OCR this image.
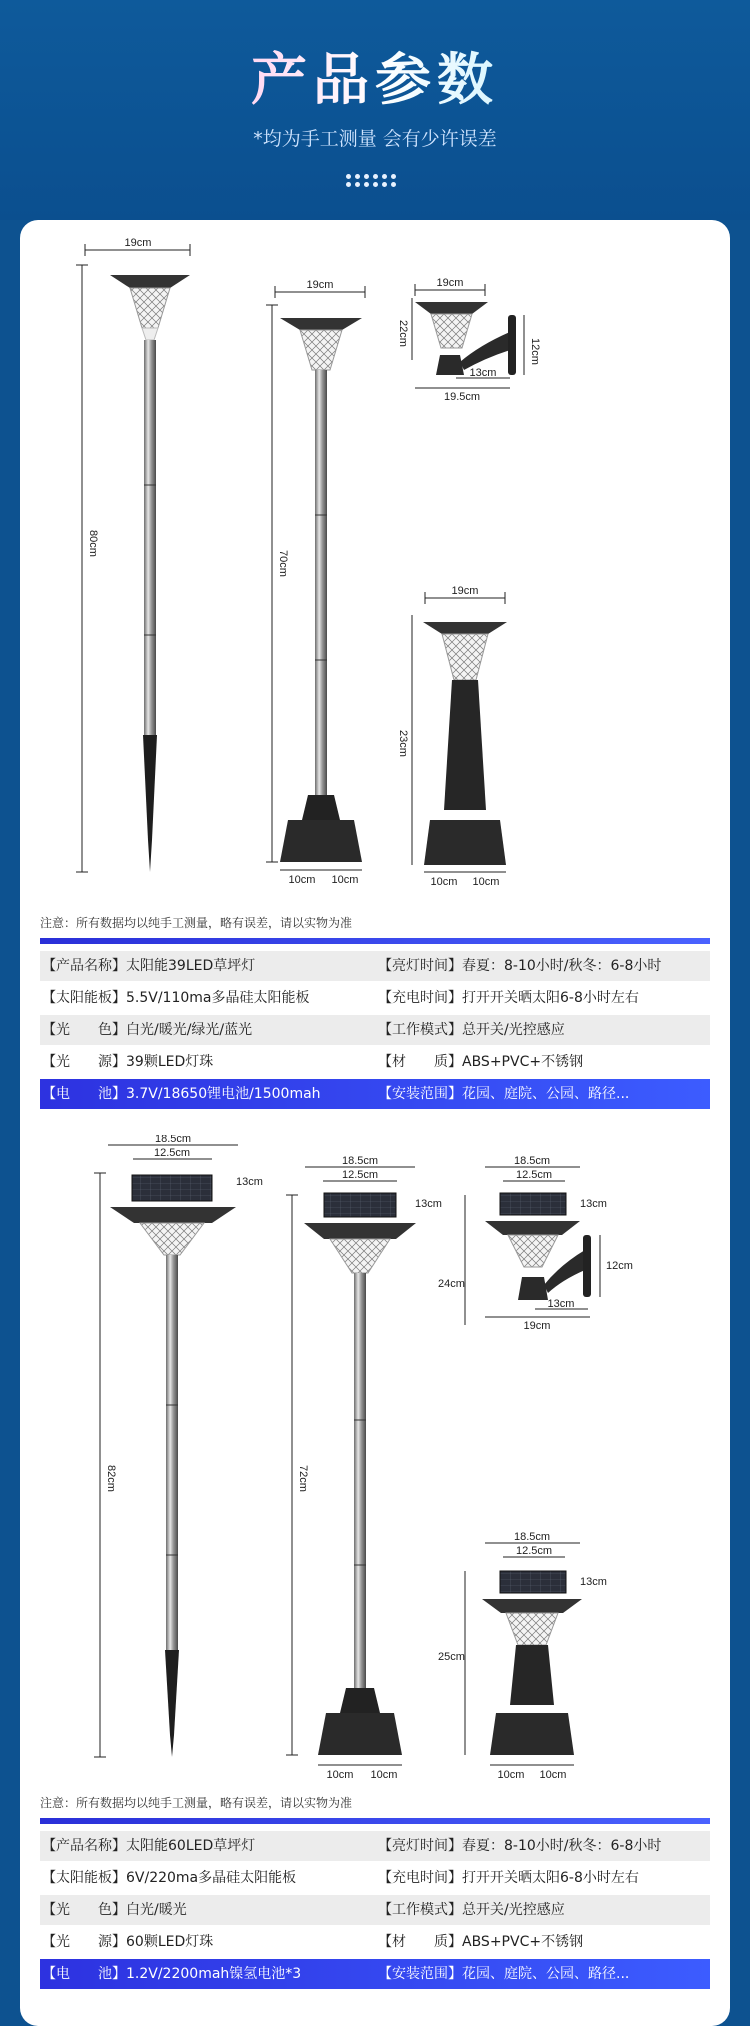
产品参数
*均为手工测量 会有少许误差
19cm
80cm
19cm
70cm
10cm 10cm
19cm
22cm
12cm
13cm
19.5cm
19cm
23cm
10cm 10cm
注意：所有数据均以纯手工测量，略有误差，请以实物为准
【产品名称】太阳能39LED草坪灯	【亮灯时间】春夏：8-10小时/秋冬：6-8小时
【太阳能板】5.5V/110ma多晶硅太阳能板	【充电时间】打开开关晒太阳6-8小时左右
【光　　色】白光/暖光/绿光/蓝光	【工作模式】总开关/光控感应
【光　　源】39颗LED灯珠	【材　　质】ABS+PVC+不锈钢
【电　　池】3.7V/18650锂电池/1500mah	【安装范围】花园、庭院、公园、路径...
18.5cm
12.5cm
13cm
82cm
18.5cm
12.5cm
13cm
72cm
10cm 10cm
18.5cm
12.5cm
13cm
24cm
12cm
13cm
19cm
18.5cm
12.5cm
13cm
25cm
10cm 10cm
注意：所有数据均以纯手工测量，略有误差，请以实物为准
【产品名称】太阳能60LED草坪灯	【亮灯时间】春夏：8-10小时/秋冬：6-8小时
【太阳能板】6V/220ma多晶硅太阳能板	【充电时间】打开开关晒太阳6-8小时左右
【光　　色】白光/暖光	【工作模式】总开关/光控感应
【光　　源】60颗LED灯珠	【材　　质】ABS+PVC+不锈钢
【电　　池】1.2V/2200mah镍氢电池*3	【安装范围】花园、庭院、公园、路径...
